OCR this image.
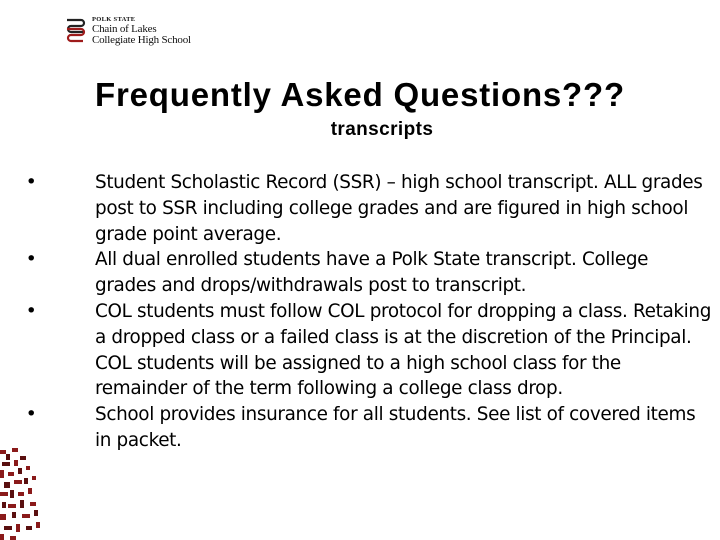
POLK STATE
Chain of Lakes
Collegiate High School
Frequently Asked Questions???
transcripts
•	Student Scholastic Record (SSR) – high school transcript. ALL grades post to SSR including college grades and are figured in high school grade point average.
•	All dual enrolled students have a Polk State transcript. College grades and drops/withdrawals post to transcript.
•	COL students must follow COL protocol for dropping a class. Retaking a dropped class or a failed class is at the discretion of the Principal. COL students will be assigned to a high school class for the remainder of the term following a college class drop.
•	School provides insurance for all students. See list of covered items in packet.
